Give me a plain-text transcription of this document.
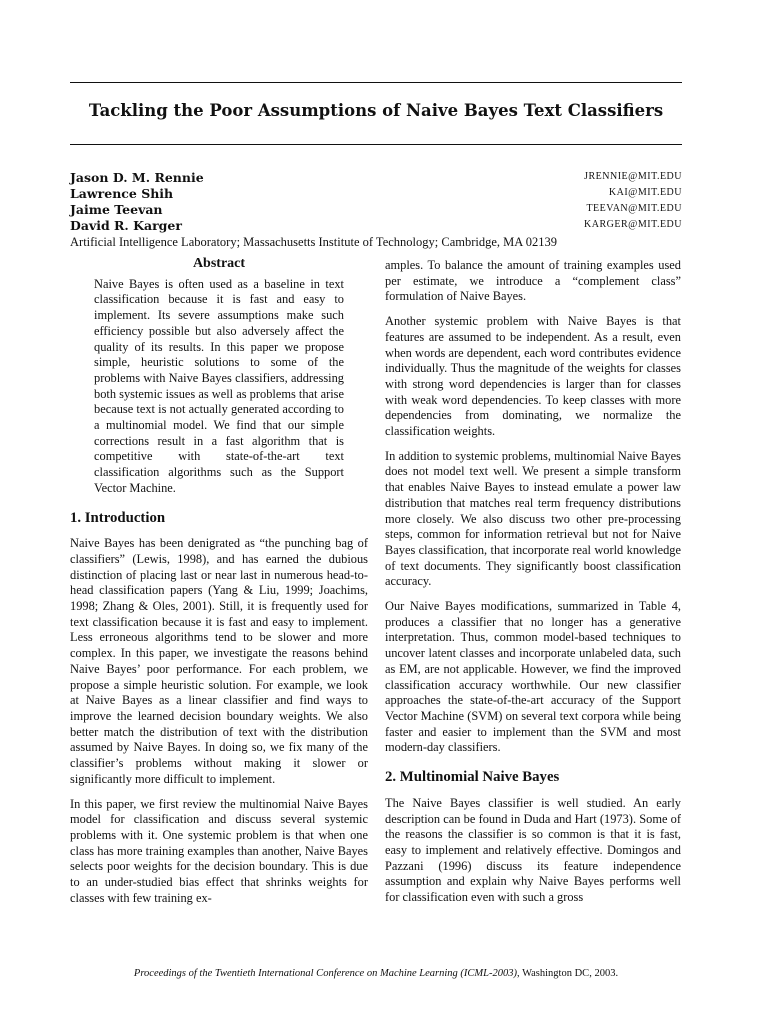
Tackling the Poor Assumptions of Naive Bayes Text Classifiers
Jason D. M. Rennie	JRENNIE@MIT.EDU
Lawrence Shih	KAI@MIT.EDU
Jaime Teevan	TEEVAN@MIT.EDU
David R. Karger	KARGER@MIT.EDU
Artificial Intelligence Laboratory; Massachusetts Institute of Technology; Cambridge, MA 02139
Abstract

Naive Bayes is often used as a baseline in text classification because it is fast and easy to implement. Its severe assumptions make such efficiency possible but also adversely affect the quality of its results. In this paper we propose simple, heuristic solutions to some of the problems with Naive Bayes classifiers, addressing both systemic issues as well as problems that arise because text is not actually generated according to a multinomial model. We find that our simple corrections result in a fast algorithm that is competitive with state-of-the-art text classification algorithms such as the Support Vector Machine.

1. Introduction

Naive Bayes has been denigrated as “the punching bag of classifiers” (Lewis, 1998), and has earned the dubious distinction of placing last or near last in numerous head-to-head classification papers (Yang & Liu, 1999; Joachims, 1998; Zhang & Oles, 2001). Still, it is frequently used for text classification because it is fast and easy to implement. Less erroneous algorithms tend to be slower and more complex. In this paper, we investigate the reasons behind Naive Bayes’ poor performance. For each problem, we propose a simple heuristic solution. For example, we look at Naive Bayes as a linear classifier and find ways to improve the learned decision boundary weights. We also better match the distribution of text with the distribution assumed by Naive Bayes. In doing so, we fix many of the classifier’s problems without making it slower or significantly more difficult to implement.

In this paper, we first review the multinomial Naive Bayes model for classification and discuss several systemic problems with it. One systemic problem is that when one class has more training examples than another, Naive Bayes selects poor weights for the decision boundary. This is due to an under-studied bias effect that shrinks weights for classes with few training ex-

amples. To balance the amount of training examples used per estimate, we introduce a “complement class” formulation of Naive Bayes.

Another systemic problem with Naive Bayes is that features are assumed to be independent. As a result, even when words are dependent, each word contributes evidence individually. Thus the magnitude of the weights for classes with strong word dependencies is larger than for classes with weak word dependencies. To keep classes with more dependencies from dominating, we normalize the classification weights.

In addition to systemic problems, multinomial Naive Bayes does not model text well. We present a simple transform that enables Naive Bayes to instead emulate a power law distribution that matches real term frequency distributions more closely. We also discuss two other pre-processing steps, common for information retrieval but not for Naive Bayes classification, that incorporate real world knowledge of text documents. They significantly boost classification accuracy.

Our Naive Bayes modifications, summarized in Table 4, produces a classifier that no longer has a generative interpretation. Thus, common model-based techniques to uncover latent classes and incorporate unlabeled data, such as EM, are not applicable. However, we find the improved classification accuracy worthwhile. Our new classifier approaches the state-of-the-art accuracy of the Support Vector Machine (SVM) on several text corpora while being faster and easier to implement than the SVM and most modern-day classifiers.

2. Multinomial Naive Bayes

The Naive Bayes classifier is well studied. An early description can be found in Duda and Hart (1973). Some of the reasons the classifier is so common is that it is fast, easy to implement and relatively effective. Domingos and Pazzani (1996) discuss its feature independence assumption and explain why Naive Bayes performs well for classification even with such a gross

Proceedings of the Twentieth International Conference on Machine Learning (ICML-2003), Washington DC, 2003.
